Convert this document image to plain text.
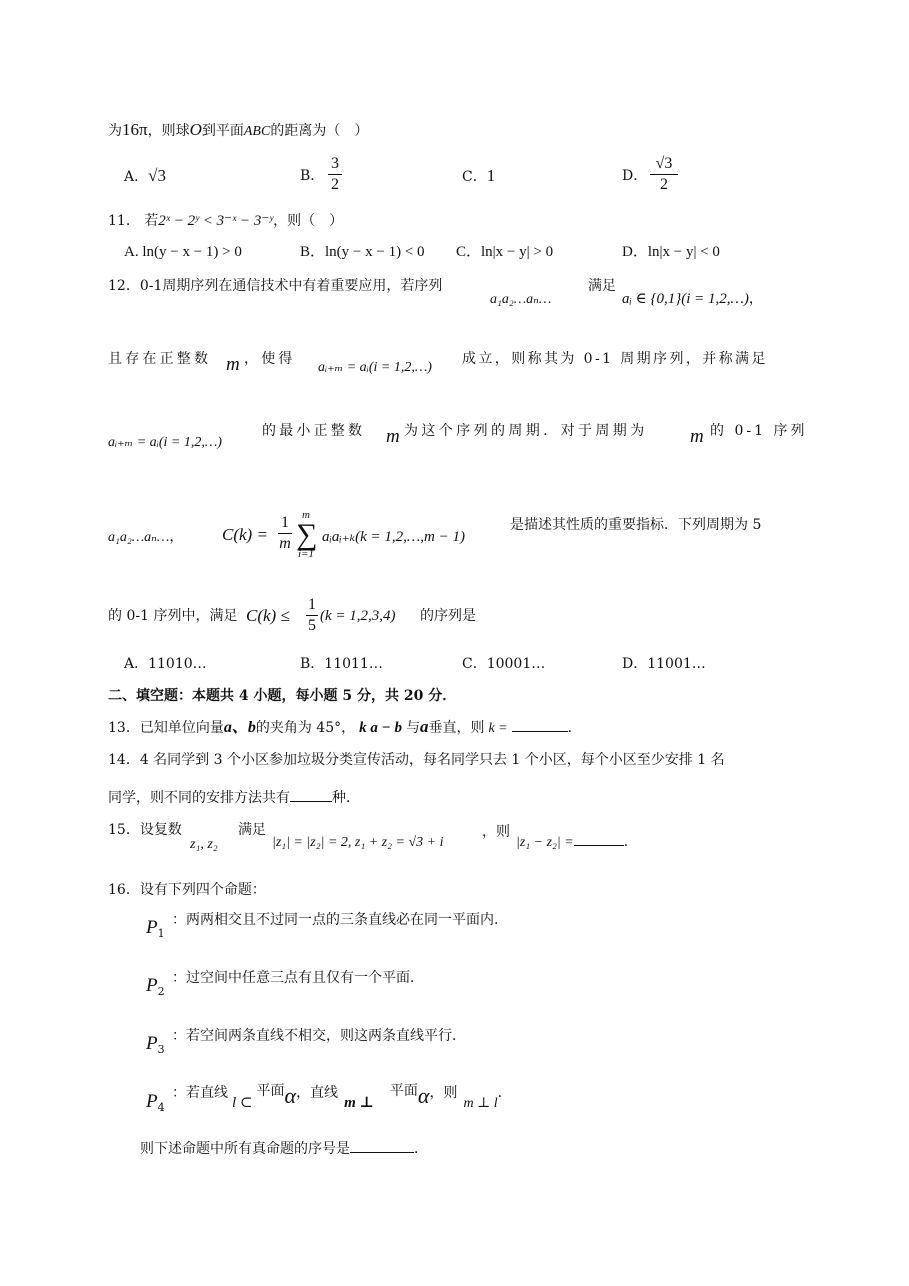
为16π，则球O到平面ABC的距离为（　）
A．√3	B．
3
2	C．1	D．
√3
2
11.　若2ˣ − 2ʸ < 3⁻ˣ − 3⁻ʸ，则（　）
A. ln(y − x − 1) > 0	B．ln(y − x − 1) < 0 C．ln|x − y| > 0	D．ln|x − y| < 0
12．0-1周期序列在通信技术中有着重要应用，若序列
a₁a₂…aₙ…
满足
aᵢ ∈ {0,1}(i = 1,2,…)，
且存在正整数 m ，使得
aᵢ₊ₘ = aᵢ(i = 1,2,…)
成立，则称其为 0-1 周期序列，并称满足
aᵢ₊ₘ = aᵢ(i = 1,2,…)
的最小正整数 m 为这个序列的周期．对于周期为 m 的 0-1 序列
a₁a₂…aₙ…， C(k) =
1
m
m
∑
i=1
aᵢaᵢ₊ₖ(k = 1,2,…,m − 1)
是描述其性质的重要指标．下列周期为 5
的 0-1 序列中，满足 C(k) ≤
1
5
(k = 1,2,3,4) 的序列是
A．11010…	B．11011…	C．10001…	D．11001…
二、填空题：本题共 4 小题，每小题 5 分，共 20 分．
13．已知单位向量a、b的夹角为 45°， k a − b 与a垂直，则 k =	．
14．4 名同学到 3 个小区参加垃圾分类宣传活动，每名同学只去 1 个小区，每个小区至少安排 1 名
同学，则不同的安排方法共有	种．
15．设复数
z₁, z₂
满足
|z₁| = |z₂| = 2, z₁ + z₂ = √3 + i
，则
|z₁ − z₂| =	．
16．设有下列四个命题：
$P_1$
：两两相交且不过同一点的三条直线必在同一平面内．
$P_2$
：过空间中任意三点有且仅有一个平面．
$P_3$
：若空间两条直线不相交，则这两条直线平行．
$P_4$
：若直线l ⊂平面α，直线m ⊥平面α，则m ⊥ l．
则下述命题中所有真命题的序号是	．
